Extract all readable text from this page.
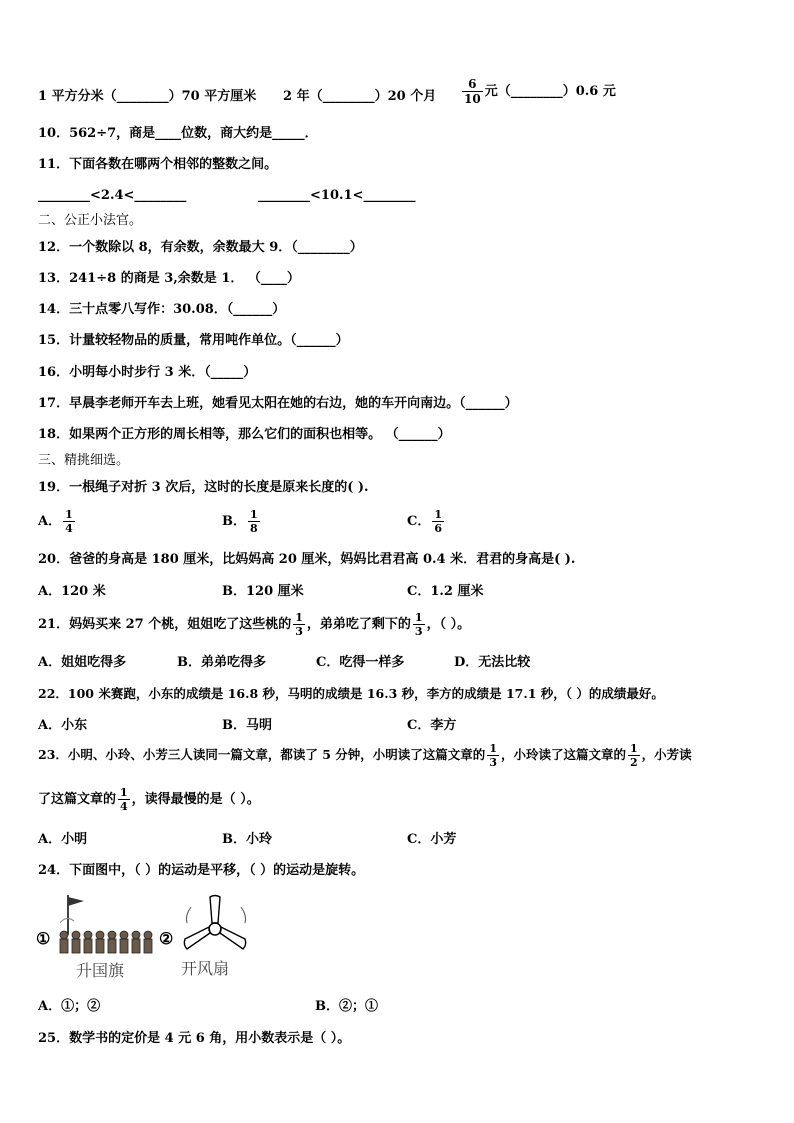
1 平方分米（________）70 平方厘米 2 年（________）20 个月 $\frac{6}{10}$ 元（________）0.6 元
10．562÷7，商是____位数，商大约是_____．
11．下面各数在哪两个相邻的整数之间。
________<2.4<________	________<10.1<________
二、公正小法官。
12．一个数除以 8，有余数，余数最大 9．（________）
13．241÷8 的商是 3,余数是 1． （____）
14．三十点零八写作：30.08．（______）
15．计量较轻物品的质量，常用吨作单位。（______）
16．小明每小时步行 3 米．（_____）
17．早晨李老师开车去上班，她看见太阳在她的右边，她的车开向南边。（______）
18．如果两个正方形的周长相等，那么它们的面积也相等。 （______）
三、精挑细选。
19．一根绳子对折 3 次后，这时的长度是原来长度的( ).
A． $\frac{1}{4}$	B． $\frac{1}{8}$	C． $\frac{1}{6}$
20．爸爸的身高是 180 厘米，比妈妈高 20 厘米，妈妈比君君高 0.4 米．君君的身高是( ).
A．120 米	B．120 厘米	C．1.2 厘米
21．妈妈买来 27 个桃，姐姐吃了这些桃的 $\frac{1}{3}$ ，弟弟吃了剩下的 $\frac{1}{3}$ ，（ ）。
A．姐姐吃得多	B．弟弟吃得多	C．吃得一样多	D．无法比较
22．100 米赛跑，小东的成绩是 16.8 秒，马明的成绩是 16.3 秒，李方的成绩是 17.1 秒，（ ）的成绩最好。
A．小东	B．马明	C．李方
23．小明、小玲、小芳三人读同一篇文章，都读了 5 分钟，小明读了这篇文章的 $\frac{1}{3}$ ，小玲读了这篇文章的 $\frac{1}{2}$ ，小芳读
了这篇文章的 $\frac{1}{4}$ ，读得最慢的是（ ）。
A．小明	B．小玲	C．小芳
24．下面图中，（ ）的运动是平移，（ ）的运动是旋转。
①
升国旗
②
开风扇
A．①；②	B．②；①
25．数学书的定价是 4 元 6 角，用小数表示是（ ）。
